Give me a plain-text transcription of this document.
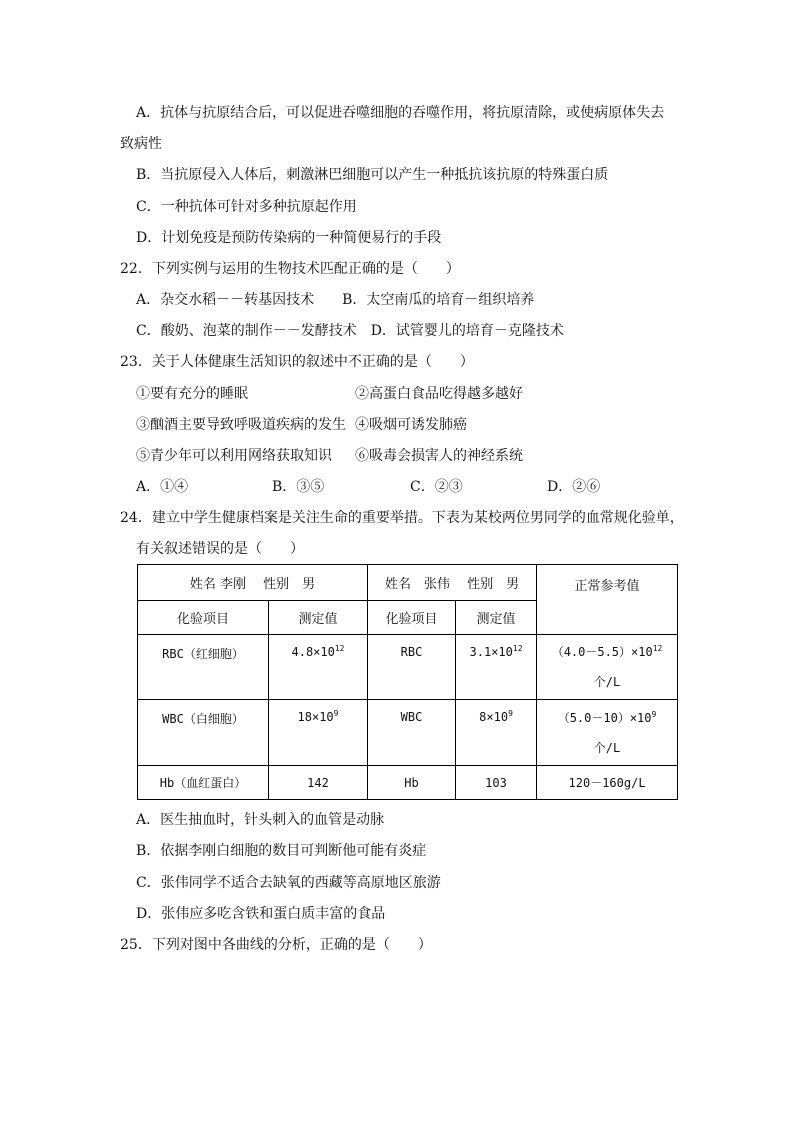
A．抗体与抗原结合后，可以促进吞噬细胞的吞噬作用，将抗原清除，或使病原体失去
致病性
B．当抗原侵入人体后，刺激淋巴细胞可以产生一种抵抗该抗原的特殊蛋白质
C．一种抗体可针对多种抗原起作用
D．计划免疫是预防传染病的一种简便易行的手段
22．下列实例与运用的生物技术匹配正确的是（　　）
A．杂交水稻－－转基因技术　　B．太空南瓜的培育－组织培养
C．酸奶、泡菜的制作－－发酵技术　D．试管婴儿的培育－克隆技术
23．关于人体健康生活知识的叙述中不正确的是（　　）
①要有充分的睡眠	②高蛋白食品吃得越多越好
③酗酒主要导致呼吸道疾病的发生 ④吸烟可诱发肺癌
⑤青少年可以利用网络获取知识 ⑥吸毒会损害人的神经系统
A．①④	B．③⑤	C．②③	D．②⑥
24．建立中学生健康档案是关注生命的重要举措。下表为某校两位男同学的血常规化验单，
有关叙述错误的是（　　）
姓名 李刚　 性别　男		姓名　张伟　 性别　男		正常参考值
化验项目	测定值	化验项目	测定值	
RBC（红细胞）	$4.8\times 10^{12}$	RBC	$3.1\times 10^{12}$	$(4.0-5.5)\times 10^{12}$
个/L
WBC（白细胞）	$18\times 10^9$	WBC	$8\times 10^9$	$(5.0-10)\times 10^9$
个/L
Hb（血红蛋白）	142	Hb	103	120－160g/L
A．医生抽血时，针头刺入的血管是动脉
B．依据李刚白细胞的数目可判断他可能有炎症
C．张伟同学不适合去缺氧的西藏等高原地区旅游
D．张伟应多吃含铁和蛋白质丰富的食品
25．下列对图中各曲线的分析，正确的是（　　）
